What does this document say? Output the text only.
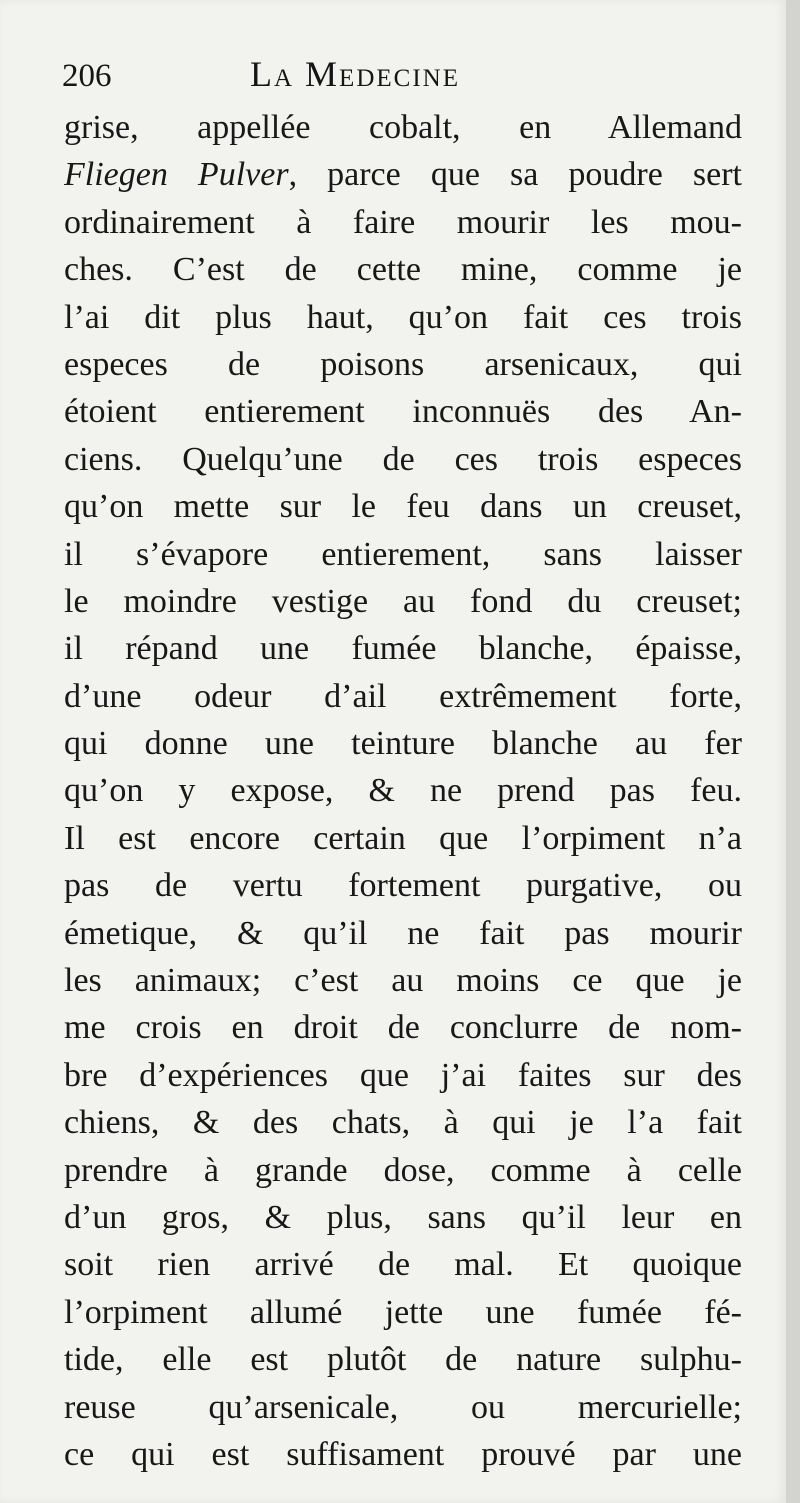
206	La Medecine
grise, appellée cobalt, en Allemand
Fliegen Pulver, parce que sa poudre sert
ordinairement à faire mourir les mou-
ches. C’est de cette mine, comme je
l’ai dit plus haut, qu’on fait ces trois
especes de poisons arsenicaux, qui
étoient entierement inconnuës des An-
ciens. Quelqu’une de ces trois especes
qu’on mette sur le feu dans un creuset,
il s’évapore entierement, sans laisser
le moindre vestige au fond du creuset;
il répand une fumée blanche, épaisse,
d’une odeur d’ail extrêmement forte,
qui donne une teinture blanche au fer
qu’on y expose, & ne prend pas feu.
Il est encore certain que l’orpiment n’a
pas de vertu fortement purgative, ou
émetique, & qu’il ne fait pas mourir
les animaux; c’est au moins ce que je
me crois en droit de conclurre de nom-
bre d’expériences que j’ai faites sur des
chiens, & des chats, à qui je l’a fait
prendre à grande dose, comme à celle
d’un gros, & plus, sans qu’il leur en
soit rien arrivé de mal. Et quoique
l’orpiment allumé jette une fumée fé-
tide, elle est plutôt de nature sulphu-
reuse qu’arsenicale, ou mercurielle;
ce qui est suffisament prouvé par une
